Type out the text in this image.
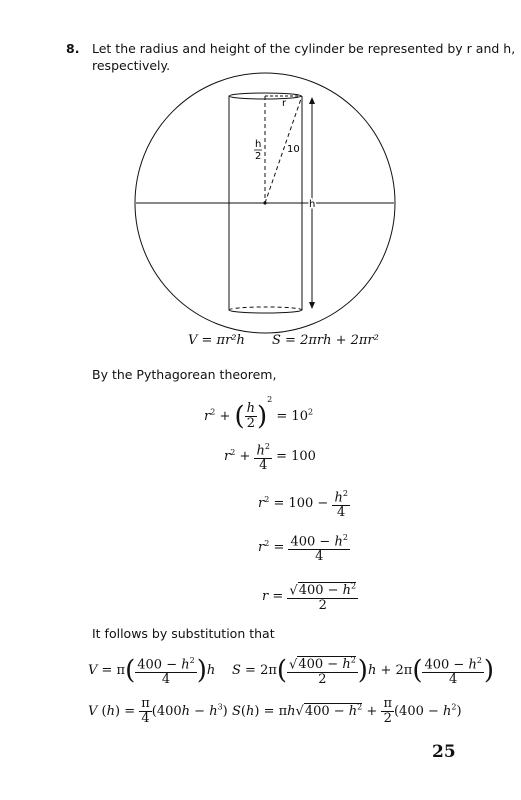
8. Let the radius and height of the cylinder be represented by r and h,
respectively.
r
h
2
10
h
V = πr²h S = 2πrh + 2πr²
By the Pythagorean theorem,
$r^2$ + ( $\frac{h}{2} )^2 = 10^2$
$r^2 + \frac{h^2}{4} = 100$
$r^2 = 100 - \frac{h^2}{4}$
$r^2 = \frac{400 - h^2}{4}$
$r = \frac{√400 - h^2}{2}$
It follows by substitution that
$V = \pi( \frac{400 - h^2}{4} )h$ $S = 2\pi( \frac{√400 - h^2}{2} )h + 2\pi( \frac{400 - h^2}{4}$ )
V $(h) = \frac{\pi}{4} (400h - h^3) S(h) = \pi h√400 - h^2 + \frac{\pi}{2} (400 - h^2)$
25
